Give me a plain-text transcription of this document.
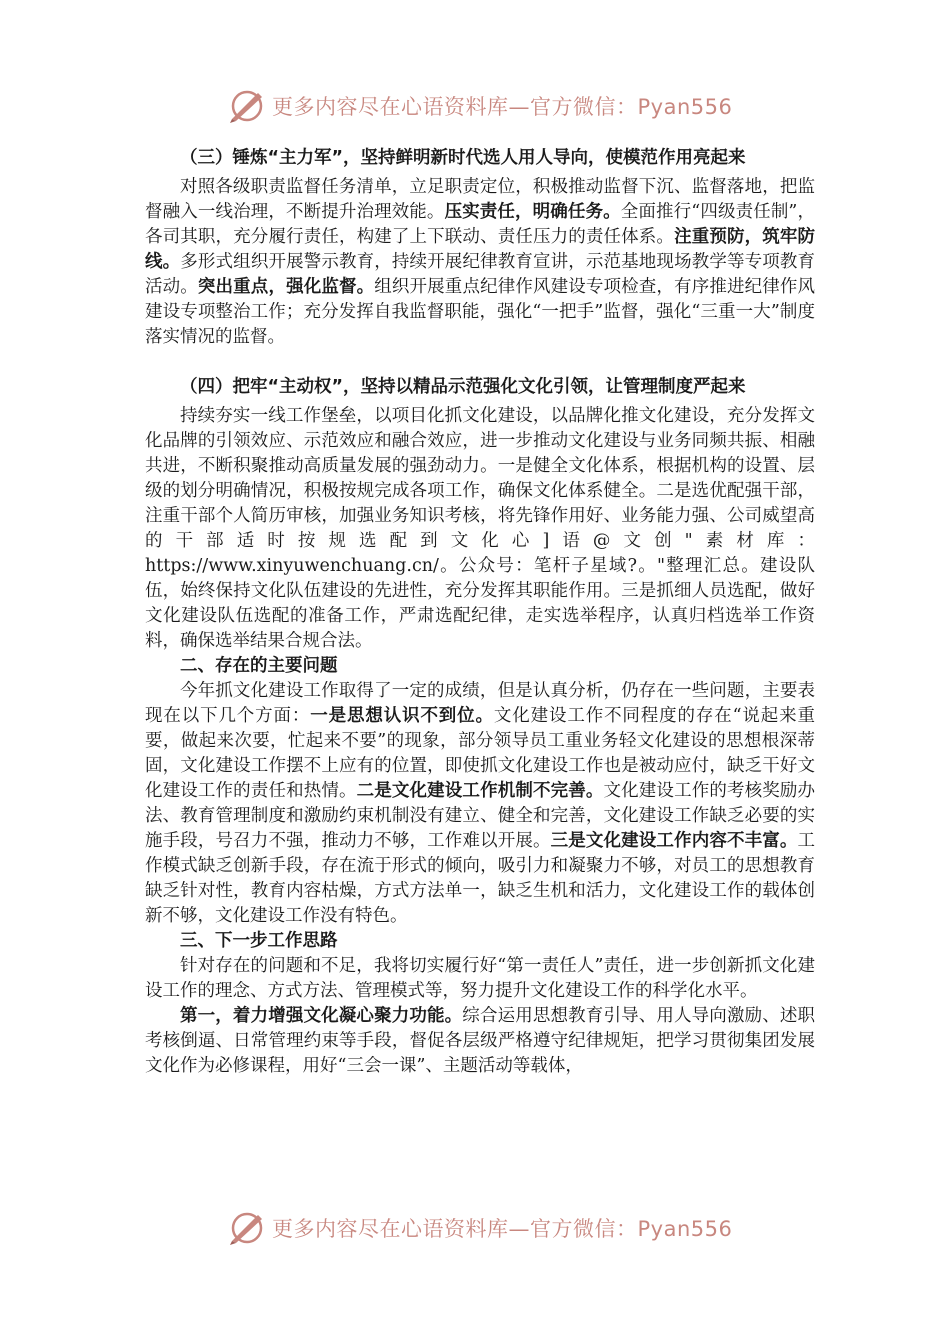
更多内容尽在心语资料库—官方微信：Pyan556
（三）锤炼“主力军”，坚持鲜明新时代选人用人导向，使模范作用亮起来

对照各级职责监督任务清单，立足职责定位，积极推动监督下沉、监督落地，把监督融入一线治理，不断提升治理效能。压实责任，明确任务。全面推行“四级责任制”，各司其职，充分履行责任，构建了上下联动、责任压力的责任体系。注重预防，筑牢防线。多形式组织开展警示教育，持续开展纪律教育宣讲，示范基地现场教学等专项教育活动。突出重点，强化监督。组织开展重点纪律作风建设专项检查，有序推进纪律作风建设专项整治工作；充分发挥自我监督职能，强化“一把手”监督，强化“三重一大”制度落实情况的监督。

（四）把牢“主动权”，坚持以精品示范强化文化引领，让管理制度严起来

持续夯实一线工作堡垒，以项目化抓文化建设，以品牌化推文化建设，充分发挥文化品牌的引领效应、示范效应和融合效应，进一步推动文化建设与业务同频共振、相融共进，不断积聚推动高质量发展的强劲动力。一是健全文化体系，根据机构的设置、层级的划分明确情况，积极按规完成各项工作，确保文化体系健全。二是选优配强干部，注重干部个人简历审核，加强业务知识考核，将先锋作用好、业务能力强、公司威望高的干部适时按规选配到文化心]语@文创"素材库：https://www.xinyuwenchuang.cn/。公众号：笔杆子星域?。"整理汇总。建设队伍，始终保持文化队伍建设的先进性，充分发挥其职能作用。三是抓细人员选配，做好文化建设队伍选配的准备工作，严肃选配纪律，走实选举程序，认真归档选举工作资料，确保选举结果合规合法。

二、存在的主要问题

今年抓文化建设工作取得了一定的成绩，但是认真分析，仍存在一些问题，主要表现在以下几个方面：一是思想认识不到位。文化建设工作不同程度的存在“说起来重要，做起来次要，忙起来不要”的现象，部分领导员工重业务轻文化建设的思想根深蒂固，文化建设工作摆不上应有的位置，即使抓文化建设工作也是被动应付，缺乏干好文化建设工作的责任和热情。二是文化建设工作机制不完善。文化建设工作的考核奖励办法、教育管理制度和激励约束机制没有建立、健全和完善，文化建设工作缺乏必要的实施手段，号召力不强，推动力不够，工作难以开展。三是文化建设工作内容不丰富。工作模式缺乏创新手段，存在流于形式的倾向，吸引力和凝聚力不够，对员工的思想教育缺乏针对性，教育内容枯燥，方式方法单一，缺乏生机和活力，文化建设工作的载体创新不够，文化建设工作没有特色。

三、下一步工作思路

针对存在的问题和不足，我将切实履行好“第一责任人”责任，进一步创新抓文化建设工作的理念、方式方法、管理模式等，努力提升文化建设工作的科学化水平。

第一，着力增强文化凝心聚力功能。综合运用思想教育引导、用人导向激励、述职考核倒逼、日常管理约束等手段，督促各层级严格遵守纪律规矩，把学习贯彻集团发展文化作为必修课程，用好“三会一课”、主题活动等载体，

更多内容尽在心语资料库—官方微信：Pyan556
